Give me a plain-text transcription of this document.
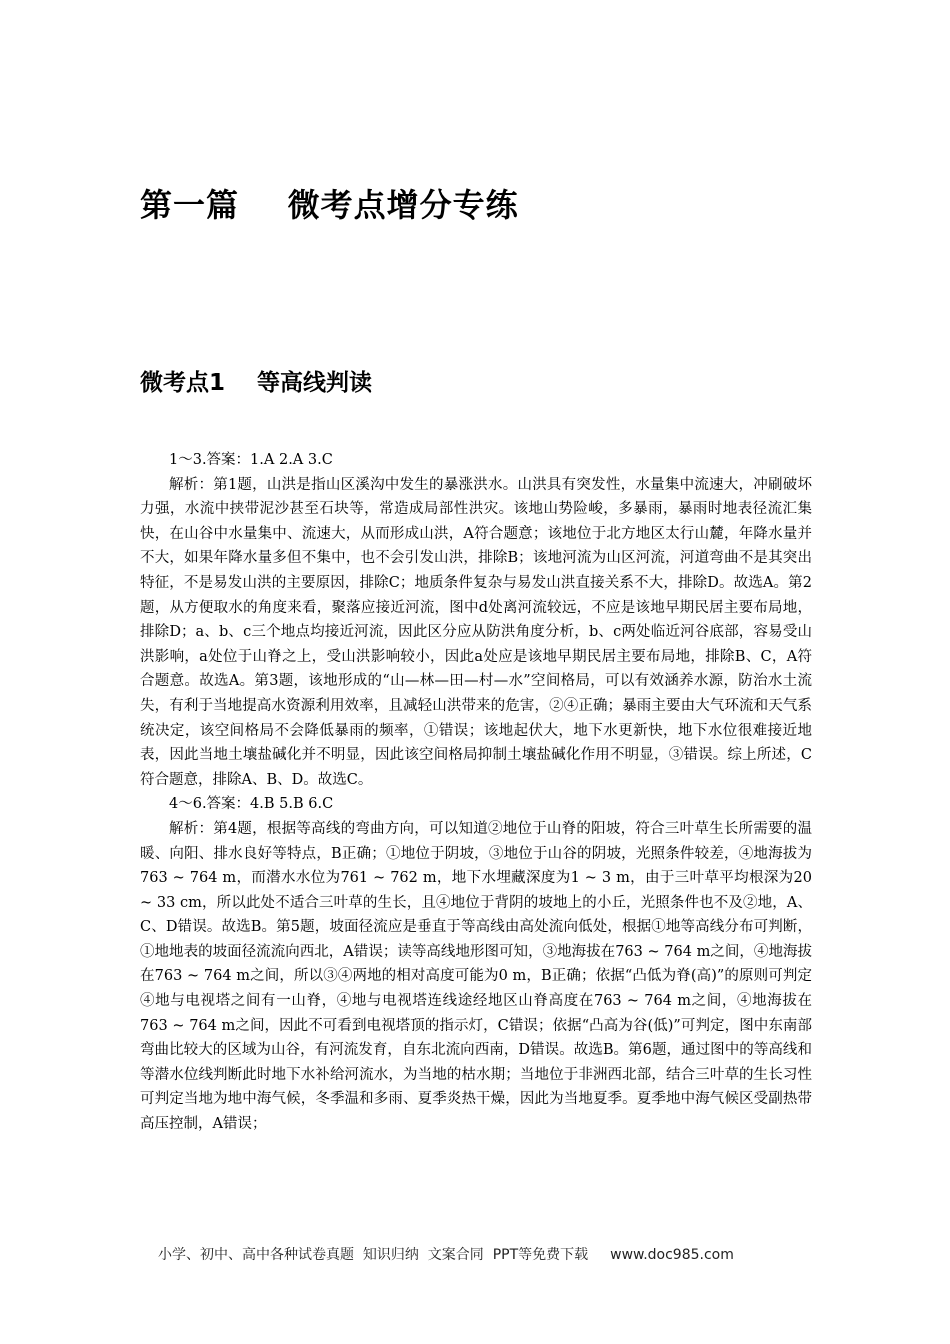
第一篇    微考点增分专练
微考点1    等高线判读

1～3.答案：1.A 2.A 3.C

解析：第1题，山洪是指山区溪沟中发生的暴涨洪水。山洪具有突发性，水量集中流速大，冲刷破坏力强，水流中挟带泥沙甚至石块等，常造成局部性洪灾。该地山势险峻，多暴雨，暴雨时地表径流汇集快，在山谷中水量集中、流速大，从而形成山洪，A符合题意；该地位于北方地区太行山麓，年降水量并不大，如果年降水量多但不集中，也不会引发山洪，排除B；该地河流为山区河流，河道弯曲不是其突出特征，不是易发山洪的主要原因，排除C；地质条件复杂与易发山洪直接关系不大，排除D。故选A。第2题，从方便取水的角度来看，聚落应接近河流，图中d处离河流较远，不应是该地早期民居主要布局地，排除D；a、b、c三个地点均接近河流，因此区分应从防洪角度分析，b、c两处临近河谷底部，容易受山洪影响，a处位于山脊之上，受山洪影响较小，因此a处应是该地早期民居主要布局地，排除B、C，A符合题意。故选A。第3题，该地形成的“山—林—田—村—水”空间格局，可以有效涵养水源，防治水土流失，有利于当地提高水资源利用效率，且减轻山洪带来的危害，②④正确；暴雨主要由大气环流和天气系统决定，该空间格局不会降低暴雨的频率，①错误；该地起伏大，地下水更新快，地下水位很难接近地表，因此当地土壤盐碱化并不明显，因此该空间格局抑制土壤盐碱化作用不明显，③错误。综上所述，C符合题意，排除A、B、D。故选C。

4～6.答案：4.B 5.B 6.C

解析：第4题，根据等高线的弯曲方向，可以知道②地位于山脊的阳坡，符合三叶草生长所需要的温暖、向阳、排水良好等特点，B正确；①地位于阴坡，③地位于山谷的阴坡，光照条件较差，④地海拔为763 ~ 764 m，而潜水水位为761 ~ 762 m，地下水埋藏深度为1 ~ 3 m，由于三叶草平均根深为20 ~ 33 cm，所以此处不适合三叶草的生长，且④地位于背阴的坡地上的小丘，光照条件也不及②地，A、C、D错误。故选B。第5题，坡面径流应是垂直于等高线由高处流向低处，根据①地等高线分布可判断，①地地表的坡面径流流向西北，A错误；读等高线地形图可知，③地海拔在763 ~ 764 m之间，④地海拔在763 ~ 764 m之间，所以③④两地的相对高度可能为0 m，B正确；依据“凸低为脊(高)”的原则可判定④地与电视塔之间有一山脊，④地与电视塔连线途经地区山脊高度在763 ~ 764 m之间，④地海拔在763 ~ 764 m之间，因此不可看到电视塔顶的指示灯，C错误；依据“凸高为谷(低)”可判定，图中东南部弯曲比较大的区域为山谷，有河流发育，自东北流向西南，D错误。故选B。第6题，通过图中的等高线和等潜水位线判断此时地下水补给河流水，为当地的枯水期；当地位于非洲西北部，结合三叶草的生长习性可判定当地为地中海气候，冬季温和多雨、夏季炎热干燥，因此为当地夏季。夏季地中海气候区受副热带高压控制，A错误；

小学、初中、高中各种试卷真题  知识归纳  文案合同  PPT等免费下载 www.doc985.com
